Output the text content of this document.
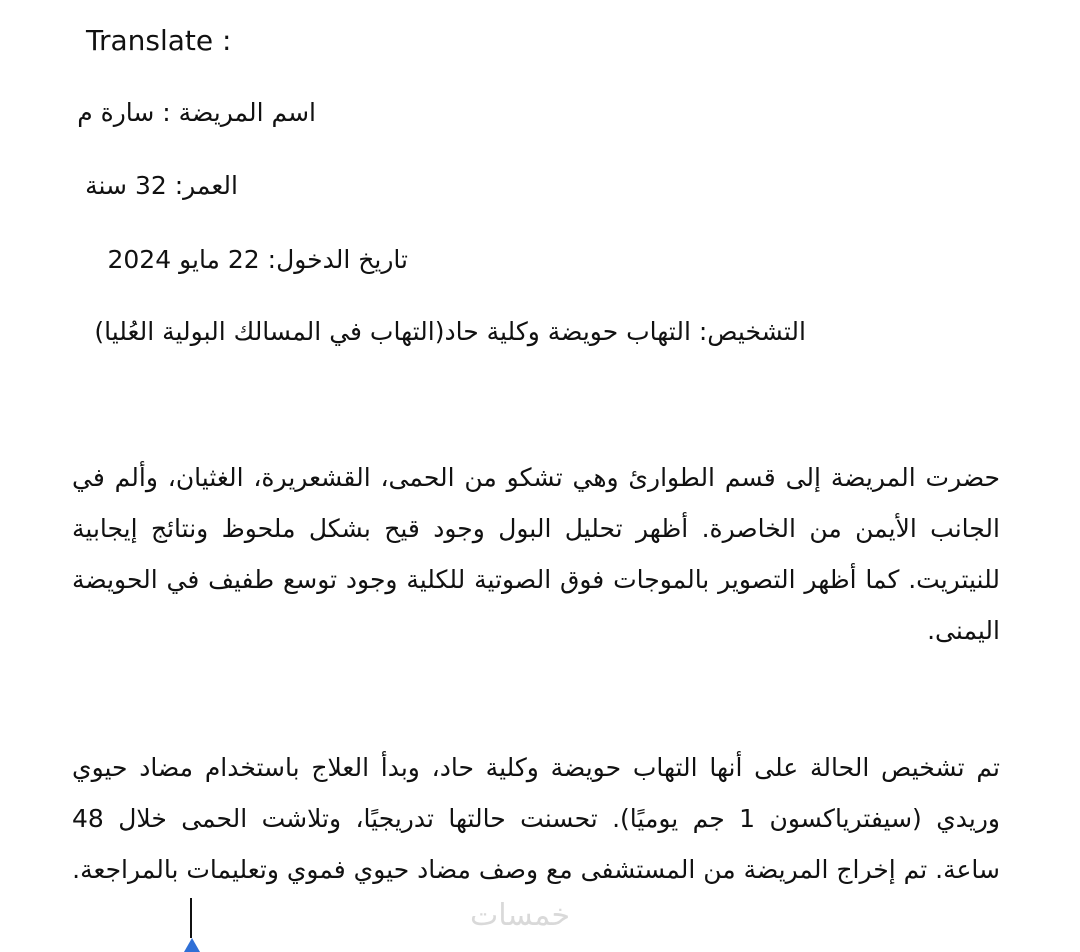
Translate :
اسم المريضة : سارة م
العمر: 32 سنة
تاريخ الدخول: 22 مايو 2024
التشخيص: التهاب حويضة وكلية حاد(التهاب في المسالك البولية العُليا)
حضرت المريضة إلى قسم الطوارئ وهي تشكو من الحمى، القشعريرة، الغثيان، وألم في الجانب الأيمن من الخاصرة. أظهر تحليل البول وجود قيح بشكل ملحوظ ونتائج إيجابية للنيتريت. كما أظهر التصوير بالموجات فوق الصوتية للكلية وجود توسع طفيف في الحويضة اليمنى.
تم تشخيص الحالة على أنها التهاب حويضة وكلية حاد، وبدأ العلاج باستخدام مضاد حيوي وريدي (سيفترياكسون 1 جم يوميًا). تحسنت حالتها تدريجيًا، وتلاشت الحمى خلال 48 ساعة. تم إخراج المريضة من المستشفى مع وصف مضاد حيوي فموي وتعليمات بالمراجعة.
خمسات
